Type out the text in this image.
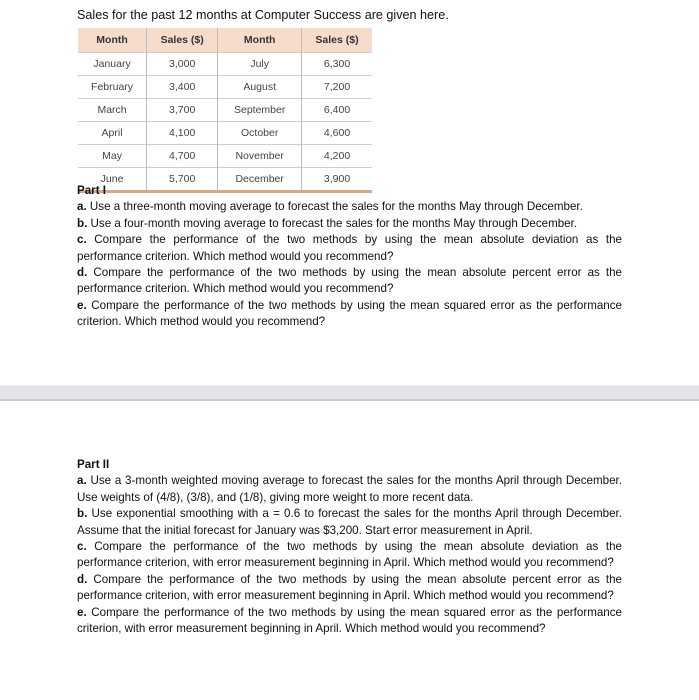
Sales for the past 12 months at Computer Success are given here.
Month	Sales ($)	Month	Sales ($)
January	3,000	July	6,300
February	3,400	August	7,200
March	3,700	September	6,400
April	4,100	October	4,600
May	4,700	November	4,200
June	5,700	December	3,900

Part I

a. Use a three-month moving average to forecast the sales for the months May through December.

b. Use a four-month moving average to forecast the sales for the months May through December.

c. Compare the performance of the two methods by using the mean absolute deviation as the performance criterion. Which method would you recommend?

d. Compare the performance of the two methods by using the mean absolute percent error as the performance criterion. Which method would you recommend?

e. Compare the performance of the two methods by using the mean squared error as the performance criterion. Which method would you recommend?

Part II

a. Use a 3-month weighted moving average to forecast the sales for the months April through December. Use weights of (4/8), (3/8), and (1/8), giving more weight to more recent data.

b. Use exponential smoothing with a = 0.6 to forecast the sales for the months April through December. Assume that the initial forecast for January was $3,200. Start error measurement in April.

c. Compare the performance of the two methods by using the mean absolute deviation as the performance criterion, with error measurement beginning in April. Which method would you recommend?

d. Compare the performance of the two methods by using the mean absolute percent error as the performance criterion, with error measurement beginning in April. Which method would you recommend?

e. Compare the performance of the two methods by using the mean squared error as the performance criterion, with error measurement beginning in April. Which method would you recommend?
